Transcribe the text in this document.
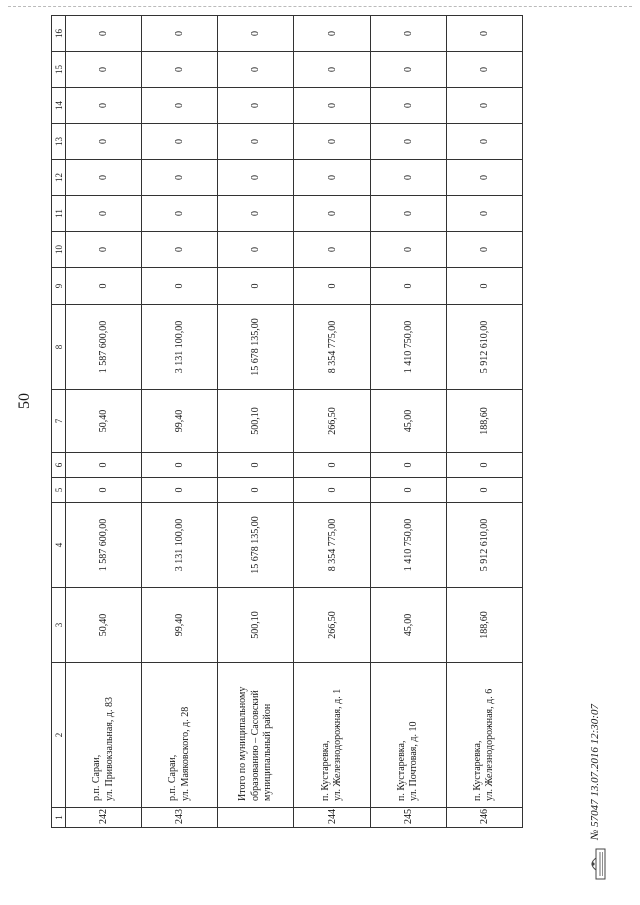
50
1	2	3	4	5	6	7	8	9	10	11	12	13	14	15	16
242	р.п. Сараи, ул. Привокзальная, д. 83	50,40	1 587 600,00	0	0	50,40	1 587 600,00	0	0	0	0	0	0	0	0
243	р.п. Сараи, ул. Маяковского, д. 28	99,40	3 131 100,00	0	0	99,40	3 131 100,00	0	0	0	0	0	0	0	0
	Итого по муниципальному образованию – Сасовский муниципальный район	500,10	15 678 135,00	0	0	500,10	15 678 135,00	0	0	0	0	0	0	0	0
244	п. Кустаревка, ул. Железнодорожная, д. 1	266,50	8 354 775,00	0	0	266,50	8 354 775,00	0	0	0	0	0	0	0	0
245	п. Кустаревка, ул. Почтовая, д. 10	45,00	1 410 750,00	0	0	45,00	1 410 750,00	0	0	0	0	0	0	0	0
246	п. Кустаревка, ул. Железнодорожная, д. 6	188,60	5 912 610,00	0	0	188,60	5 912 610,00	0	0	0	0	0	0	0	0
№ 57047 13.07.2016 12:30:07
